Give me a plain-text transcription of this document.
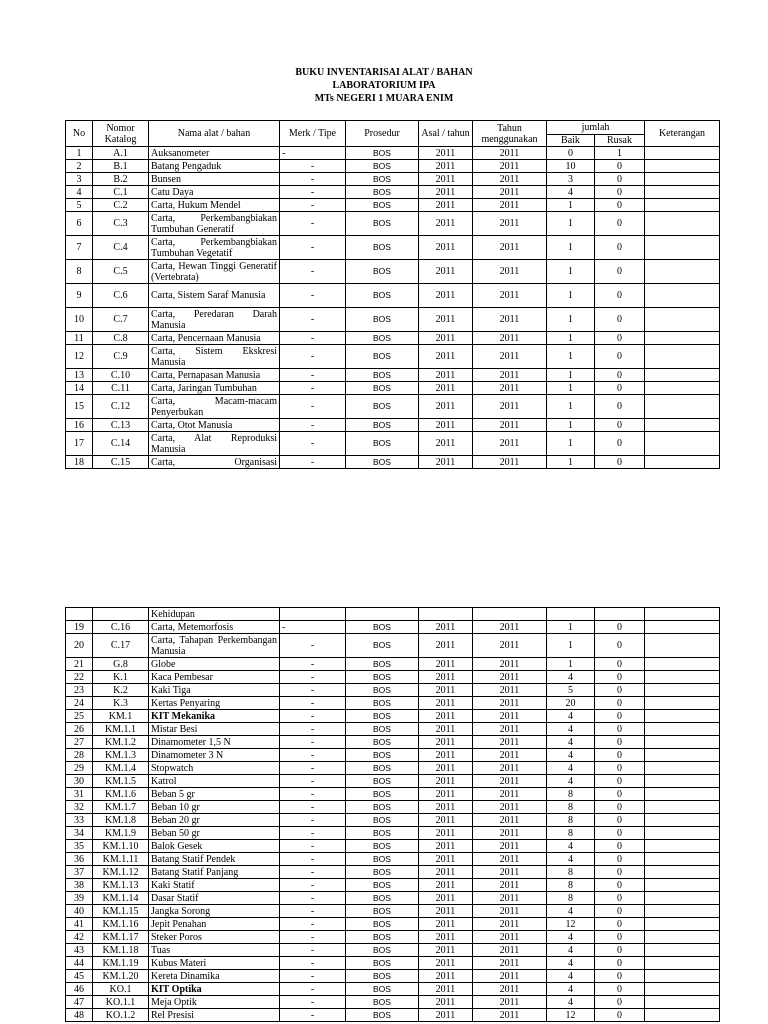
BUKU INVENTARISAI ALAT / BAHAN
LABORATORIUM IPA
MTs NEGERI 1 MUARA ENIM
No	Nomor Katalog	Nama alat / bahan	Merk / Tipe	Prosedur	Asal / tahun	Tahun menggunakan	jumlah		Keterangan
							Baik	Rusak	
1	A.1	Auksanometer	-	BOS	2011	2011	0	1	
2	B.1	Batang Pengaduk	-	BOS	2011	2011	10	0	
3	B.2	Bunsen	-	BOS	2011	2011	3	0	
4	C.1	Catu Daya	-	BOS	2011	2011	4	0	
5	C.2	Carta, Hukum Mendel	-	BOS	2011	2011	1	0	
6	C.3	Carta, Perkembangbiakan Tumbuhan Generatif	-	BOS	2011	2011	1	0	
7	C.4	Carta, Perkembangbiakan Tumbuhan Vegetatif	-	BOS	2011	2011	1	0	
8	C.5	Carta, Hewan Tinggi Generatif (Vertebrata)	-	BOS	2011	2011	1	0	
9	C.6	Carta, Sistem Saraf Manusia	-	BOS	2011	2011	1	0	
10	C.7	Carta, Peredaran Darah Manusia	-	BOS	2011	2011	1	0	
11	C.8	Carta, Pencernaan Manusia	-	BOS	2011	2011	1	0	
12	C.9	Carta, Sistem Ekskresi Manusia	-	BOS	2011	2011	1	0	
13	C.10	Carta, Pernapasan Manusia	-	BOS	2011	2011	1	0	
14	C.11	Carta, Jaringan Tumbuhan	-	BOS	2011	2011	1	0	
15	C.12	Carta, Macam-macam Penyerbukan	-	BOS	2011	2011	1	0	
16	C.13	Carta, Otot Manusia	-	BOS	2011	2011	1	0	
17	C.14	Carta, Alat Reproduksi Manusia	-	BOS	2011	2011	1	0	
18	C.15	Carta, Organisasi	-	BOS	2011	2011	1	0	
		Kehidupan							
19	C.16	Carta, Metemorfosis	-	BOS	2011	2011	1	0	
20	C.17	Carta, Tahapan Perkembangan Manusia	-	BOS	2011	2011	1	0	
21	G.8	Globe	-	BOS	2011	2011	1	0	
22	K.1	Kaca Pembesar	-	BOS	2011	2011	4	0	
23	K.2	Kaki Tiga	-	BOS	2011	2011	5	0	
24	K.3	Kertas Penyaring	-	BOS	2011	2011	20	0	
25	KM.1	KIT Mekanika	-	BOS	2011	2011	4	0	
26	KM.1.1	Mistar Besi	-	BOS	2011	2011	4	0	
27	KM.1.2	Dinamometer 1,5 N	-	BOS	2011	2011	4	0	
28	KM.1.3	Dinamometer 3 N	-	BOS	2011	2011	4	0	
29	KM.1.4	Stopwatch	-	BOS	2011	2011	4	0	
30	KM.1.5	Katrol	-	BOS	2011	2011	4	0	
31	KM.1.6	Beban 5 gr	-	BOS	2011	2011	8	0	
32	KM.1.7	Beban 10 gr	-	BOS	2011	2011	8	0	
33	KM.1.8	Beban 20 gr	-	BOS	2011	2011	8	0	
34	KM.1.9	Beban 50 gr	-	BOS	2011	2011	8	0	
35	KM.1.10	Balok Gesek	-	BOS	2011	2011	4	0	
36	KM.1.11	Batang Statif Pendek	-	BOS	2011	2011	4	0	
37	KM.1.12	Batang Statif Panjang	-	BOS	2011	2011	8	0	
38	KM.1.13	Kaki Statif	-	BOS	2011	2011	8	0	
39	KM.1.14	Dasar Statif	-	BOS	2011	2011	8	0	
40	KM.1.15	Jangka Sorong	-	BOS	2011	2011	4	0	
41	KM.1.16	Jepit Penahan	-	BOS	2011	2011	12	0	
42	KM.1.17	Steker Poros	-	BOS	2011	2011	4	0	
43	KM.1.18	Tuas	-	BOS	2011	2011	4	0	
44	KM.1.19	Kubus Materi	-	BOS	2011	2011	4	0	
45	KM.1.20	Kereta Dinamika	-	BOS	2011	2011	4	0	
46	KO.1	KIT Optika	-	BOS	2011	2011	4	0	
47	KO.1.1	Meja Optik	-	BOS	2011	2011	4	0	
48	KO.1.2	Rel Presisi	-	BOS	2011	2011	12	0	
